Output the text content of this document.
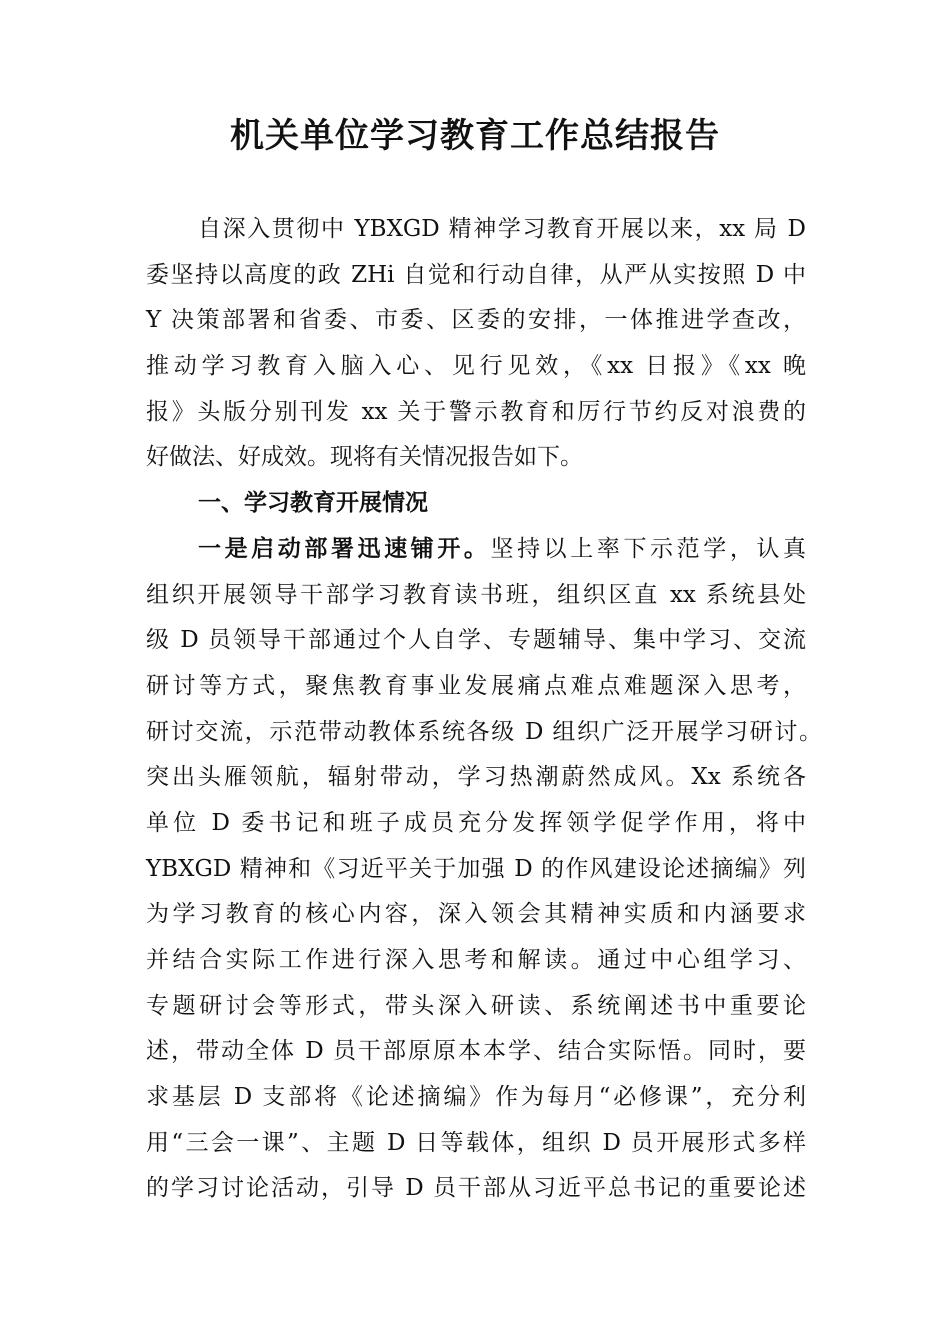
机关单位学习教育工作总结报告
自深入贯彻中 YBXGD 精神学习教育开展以来，xx 局 D
委坚持以高度的政 ZHi 自觉和行动自律，从严从实按照 D 中
Y 决策部署和省委、市委、区委的安排，一体推进学查改，
推动学习教育入脑入心、见行见效，《xx 日报》《xx 晚
报》头版分别刊发 xx 关于警示教育和厉行节约反对浪费的
好做法、好成效。现将有关情况报告如下。
一、学习教育开展情况
一是启动部署迅速铺开。坚持以上率下示范学，认真
组织开展领导干部学习教育读书班，组织区直 xx 系统县处
级 D 员领导干部通过个人自学、专题辅导、集中学习、交流
研讨等方式，聚焦教育事业发展痛点难点难题深入思考，
研讨交流，示范带动教体系统各级 D 组织广泛开展学习研讨。
突出头雁领航，辐射带动，学习热潮蔚然成风。Xx 系统各
单位 D 委书记和班子成员充分发挥领学促学作用，将中
YBXGD 精神和《习近平关于加强 D 的作风建设论述摘编》列
为学习教育的核心内容，深入领会其精神实质和内涵要求
并结合实际工作进行深入思考和解读。通过中心组学习、
专题研讨会等形式，带头深入研读、系统阐述书中重要论
述，带动全体 D 员干部原原本本学、结合实际悟。同时，要
求基层 D 支部将《论述摘编》作为每月“必修课”，充分利
用“三会一课”、主题 D 日等载体，组织 D 员开展形式多样
的学习讨论活动，引导 D 员干部从习近平总书记的重要论述
